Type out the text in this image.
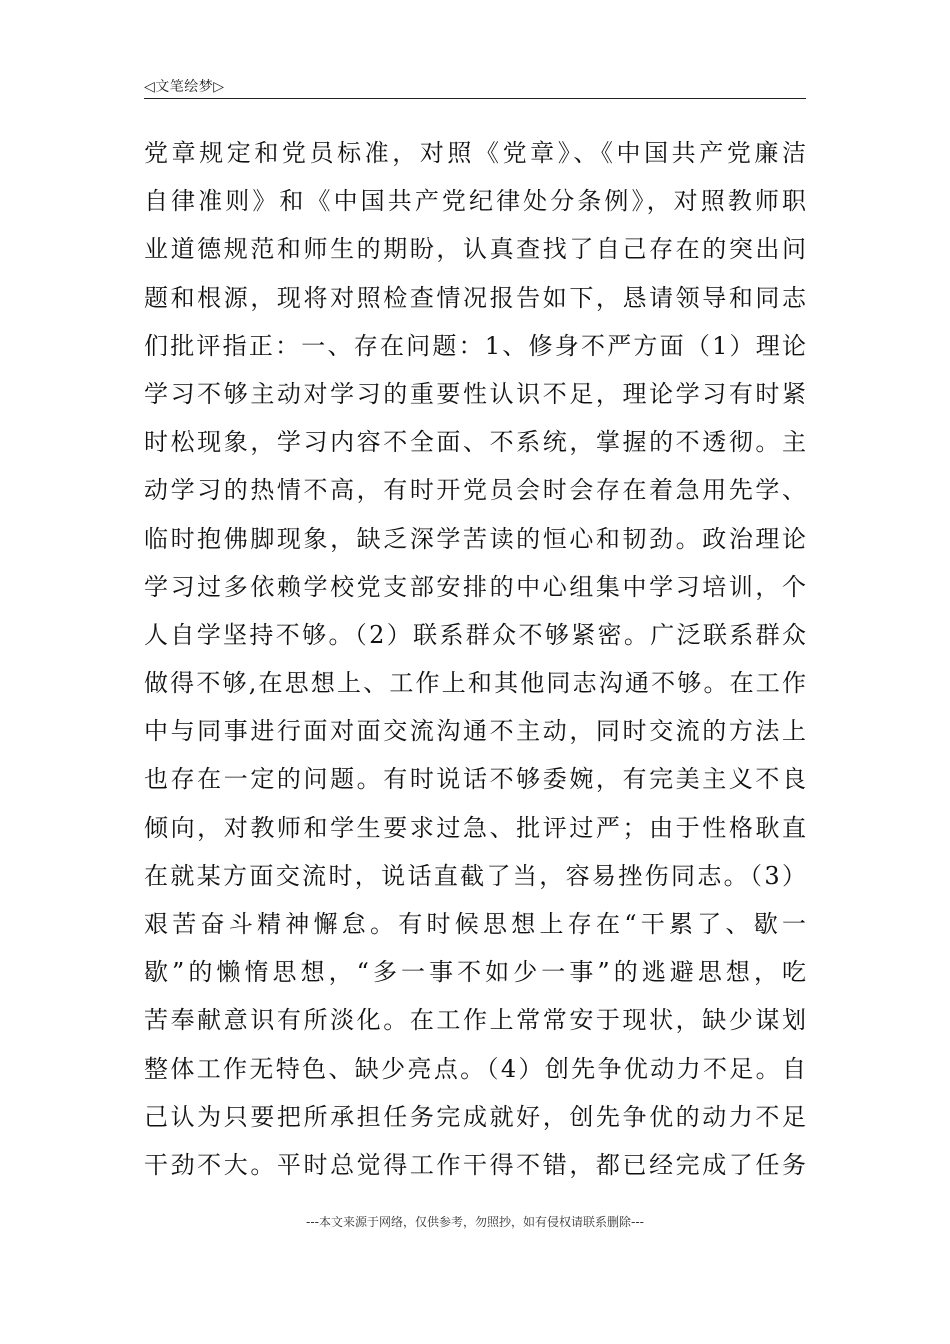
◁文笔绘梦▷
党章规定和党员标准，对照《党章》、《中国共产党廉洁
自律准则》和《中国共产党纪律处分条例》，对照教师职
业道德规范和师生的期盼，认真查找了自己存在的突出问
题和根源，现将对照检查情况报告如下，恳请领导和同志
们批评指正：一、存在问题：1、修身不严方面（1）理论
学习不够主动对学习的重要性认识不足，理论学习有时紧
时松现象，学习内容不全面、不系统，掌握的不透彻。主
动学习的热情不高，有时开党员会时会存在着急用先学、
临时抱佛脚现象，缺乏深学苦读的恒心和韧劲。政治理论
学习过多依赖学校党支部安排的中心组集中学习培训，个
人自学坚持不够。（2）联系群众不够紧密。广泛联系群众
做得不够,在思想上、工作上和其他同志沟通不够。在工作
中与同事进行面对面交流沟通不主动，同时交流的方法上
也存在一定的问题。有时说话不够委婉，有完美主义不良
倾向，对教师和学生要求过急、批评过严；由于性格耿直
在就某方面交流时，说话直截了当，容易挫伤同志。（3）
艰苦奋斗精神懈怠。有时候思想上存在“干累了、歇一
歇”的懒惰思想，“多一事不如少一事”的逃避思想，吃
苦奉献意识有所淡化。在工作上常常安于现状，缺少谋划
整体工作无特色、缺少亮点。（4）创先争优动力不足。自
己认为只要把所承担任务完成就好，创先争优的动力不足
干劲不大。平时总觉得工作干得不错，都已经完成了任务
---本文来源于网络，仅供参考，勿照抄，如有侵权请联系删除---
